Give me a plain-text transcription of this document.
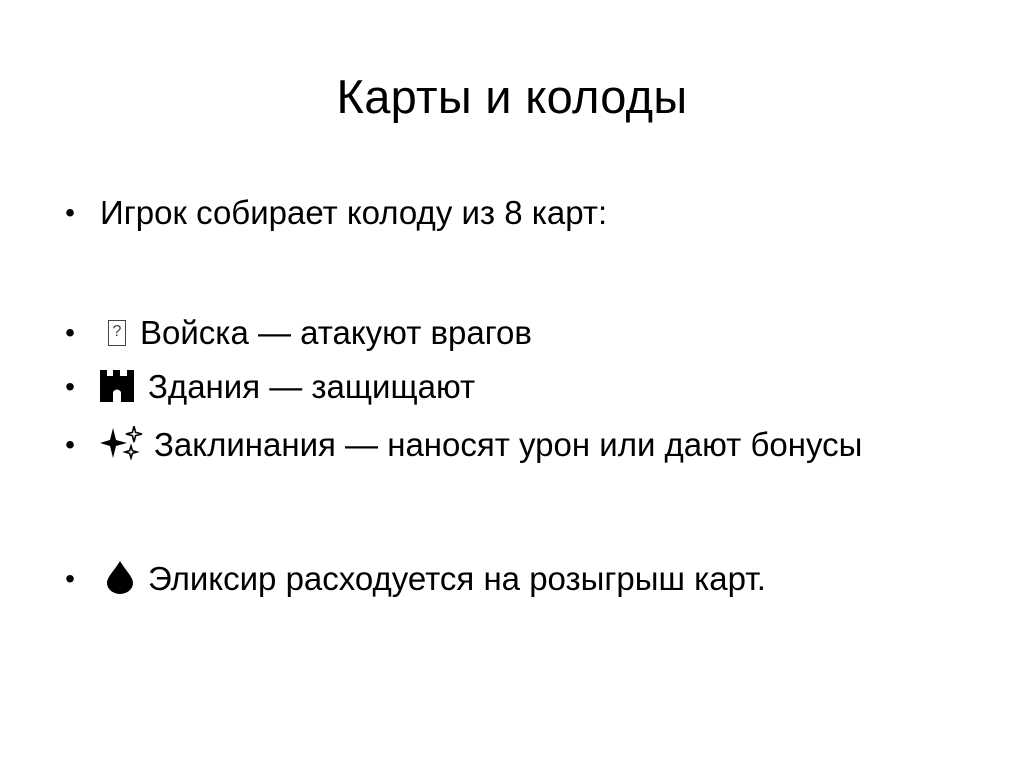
Карты и колоды
• Игрок собирает колоду из 8 карт:
•
? Войска — атакуют врагов
• Здания — защищают
• Заклинания — наносят урон или дают бонусы
• Эликсир расходуется на розыгрыш карт.
